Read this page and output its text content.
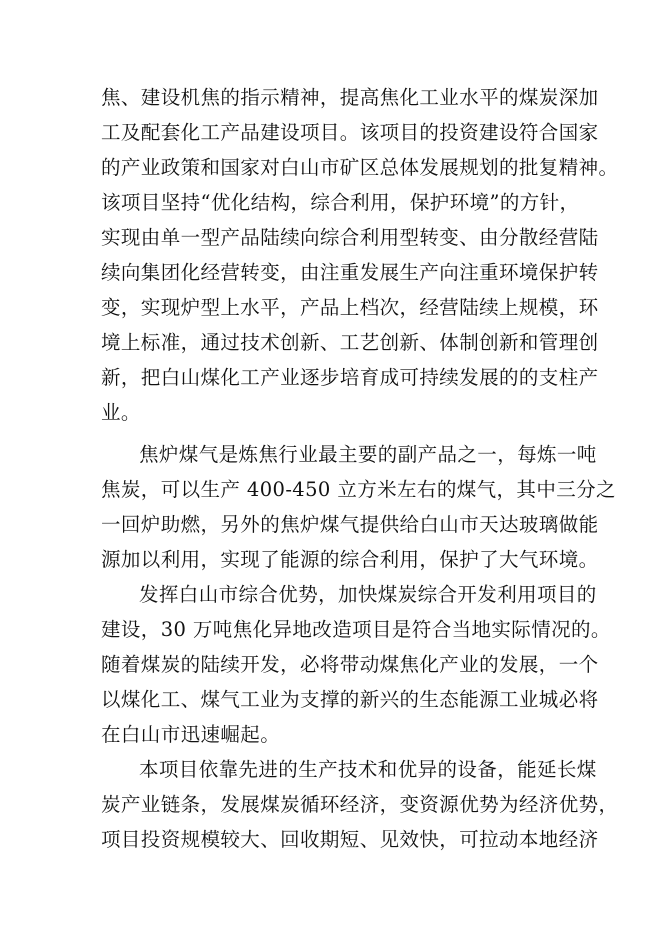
焦、建设机焦的指示精神，提高焦化工业水平的煤炭深加
工及配套化工产品建设项目。该项目的投资建设符合国家
的产业政策和国家对白山市矿区总体发展规划的批复精神。
该项目坚持“优化结构，综合利用，保护环境”的方针，
实现由单一型产品陆续向综合利用型转变、由分散经营陆
续向集团化经营转变，由注重发展生产向注重环境保护转
变，实现炉型上水平，产品上档次，经营陆续上规模，环
境上标准，通过技术创新、工艺创新、体制创新和管理创
新，把白山煤化工产业逐步培育成可持续发展的的支柱产
业。
焦炉煤气是炼焦行业最主要的副产品之一，每炼一吨
焦炭，可以生产 400-450 立方米左右的煤气，其中三分之
一回炉助燃，另外的焦炉煤气提供给白山市天达玻璃做能
源加以利用，实现了能源的综合利用，保护了大气环境。
发挥白山市综合优势，加快煤炭综合开发利用项目的
建设，30 万吨焦化异地改造项目是符合当地实际情况的。
随着煤炭的陆续开发，必将带动煤焦化产业的发展，一个
以煤化工、煤气工业为支撑的新兴的生态能源工业城必将
在白山市迅速崛起。
本项目依靠先进的生产技术和优异的设备，能延长煤
炭产业链条，发展煤炭循环经济，变资源优势为经济优势，
项目投资规模较大、回收期短、见效快，可拉动本地经济
